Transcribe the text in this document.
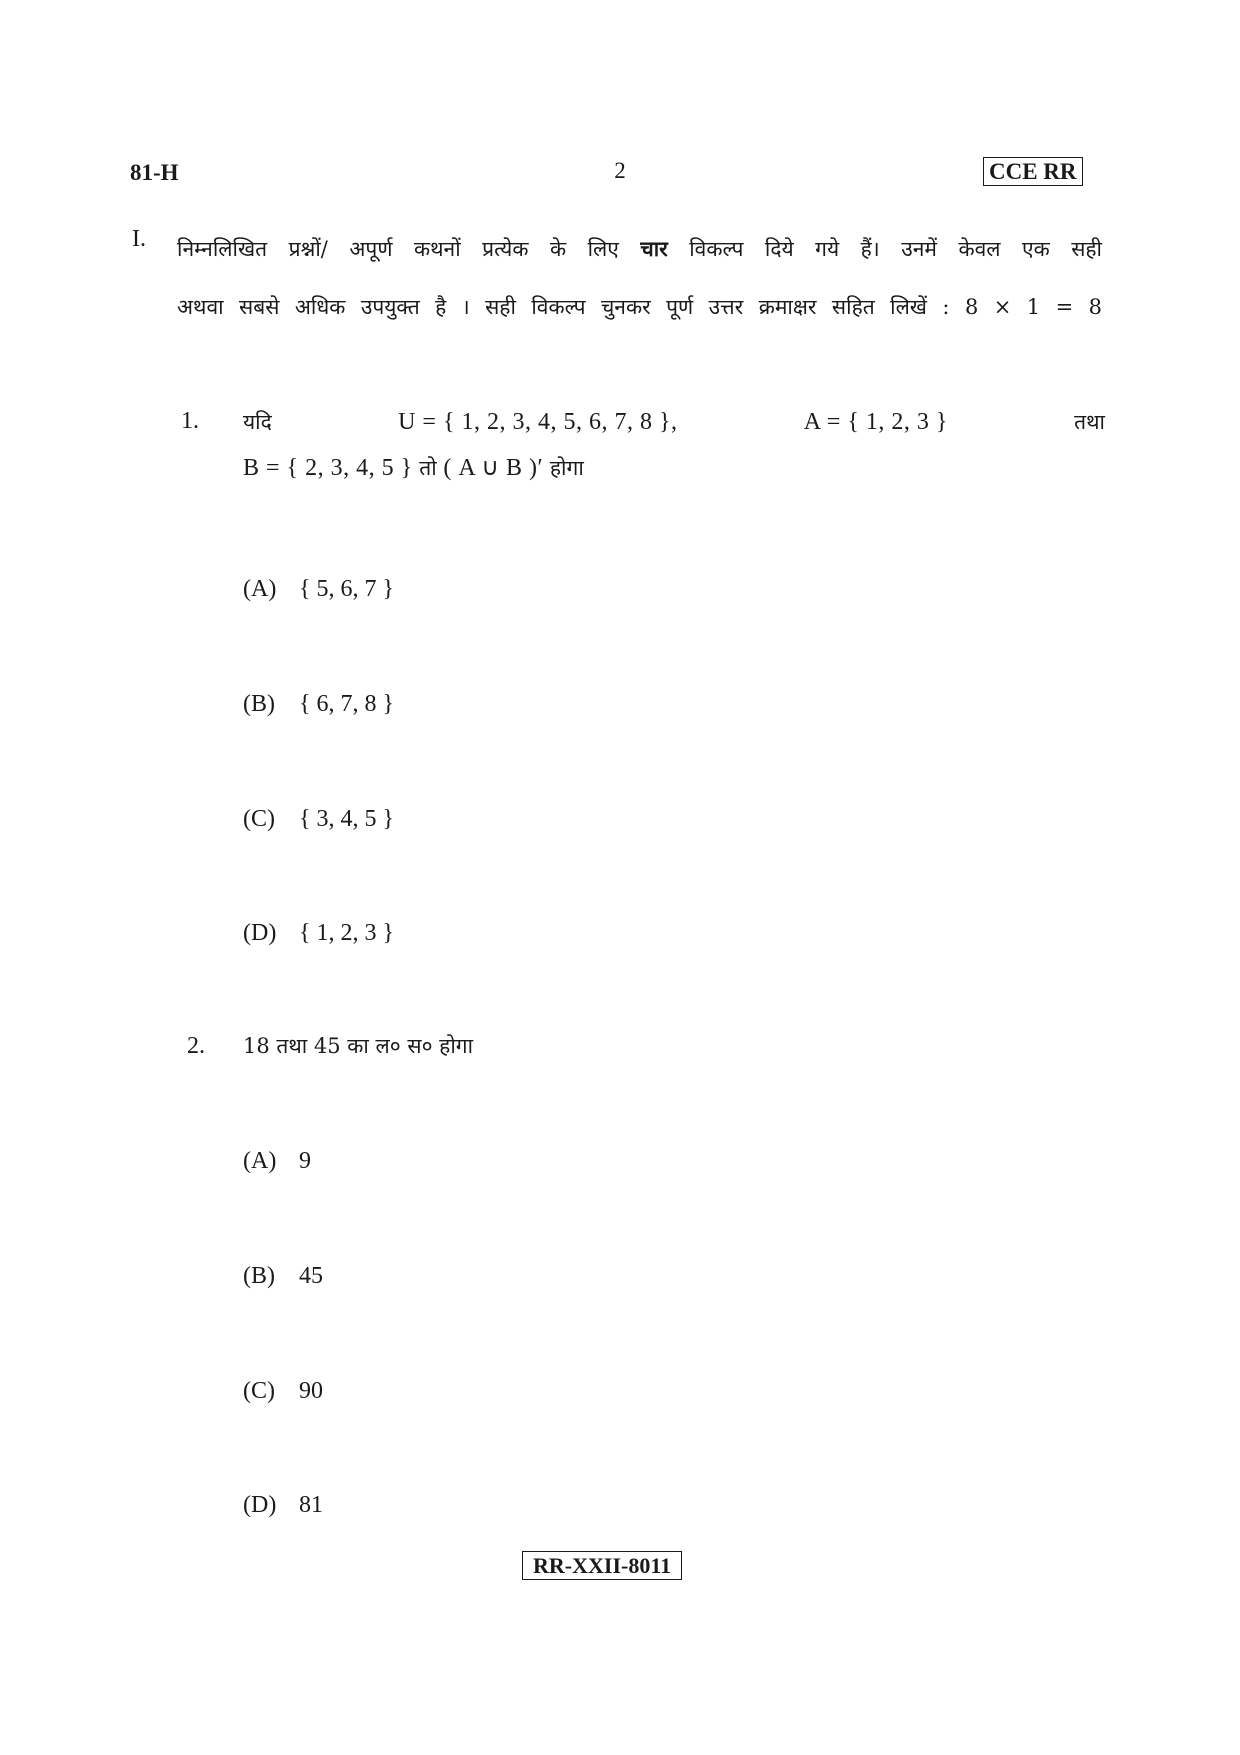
81-H	2	CCE RR
I. निम्नलिखित प्रश्नों/ अपूर्ण कथनों प्रत्येक के लिए चार विकल्प दिये गये हैं। उनमें केवल एक सही
अथवा सबसे अधिक उपयुक्त है । सही विकल्प चुनकर पूर्ण उत्तर क्रमाक्षर सहित लिखें : 8 × 1 = 8
1. यदि	U = { 1, 2, 3, 4, 5, 6, 7, 8 },	A = { 1, 2, 3 }	तथा
B = { 2, 3, 4, 5 } तो ( A ∪ B )′ होगा
(A) { 5, 6, 7 }
(B) { 6, 7, 8 }
(C) { 3, 4, 5 }
(D) { 1, 2, 3 }
2. 18 तथा 45 का ल० स० होगा
(A) 9
(B) 45
(C) 90
(D) 81
RR-XXII-8011
